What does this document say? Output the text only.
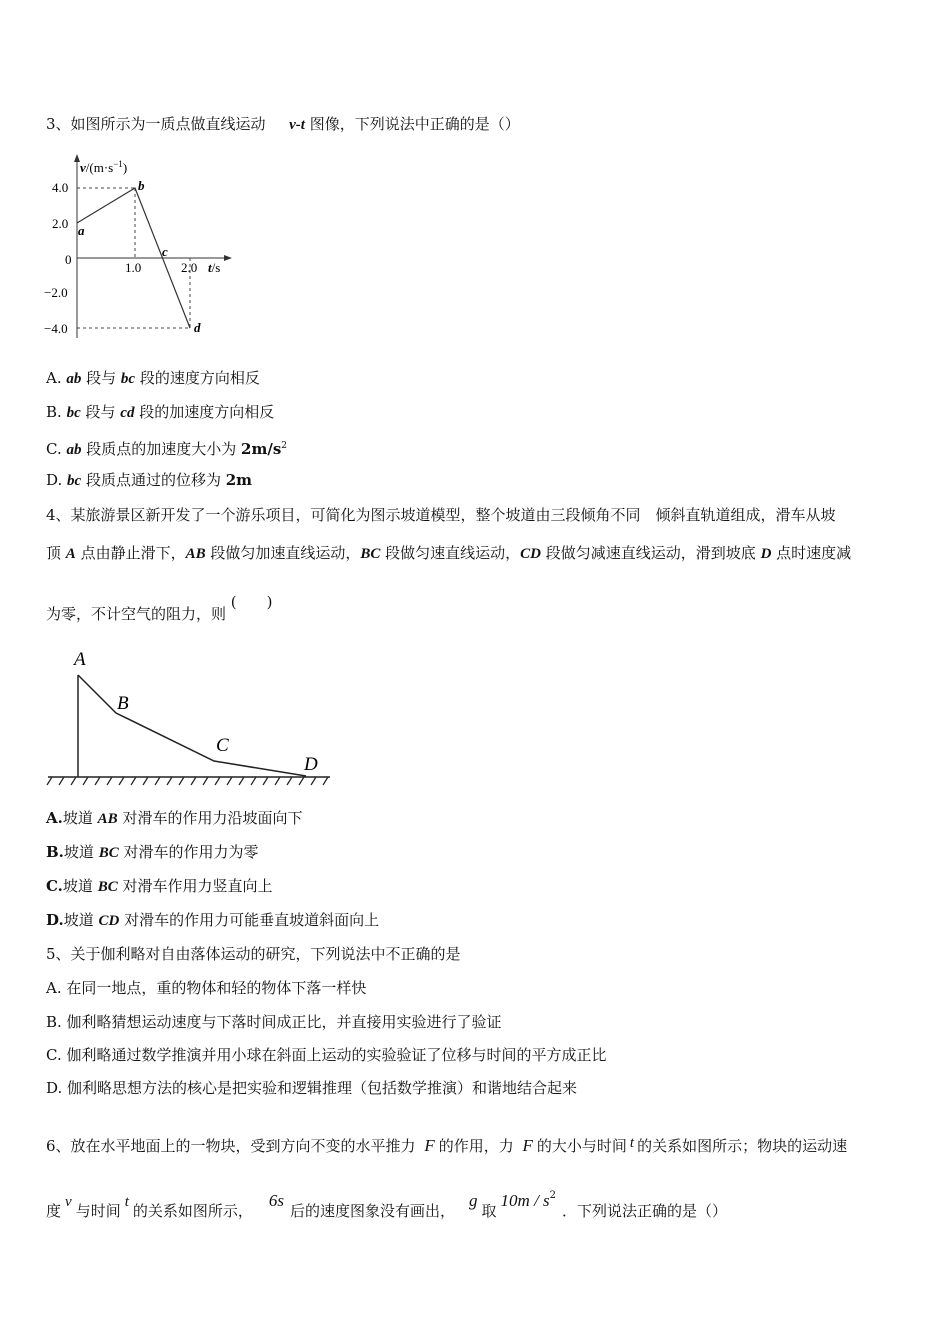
3、如图所示为一质点做直线运动 v-t 图像，下列说法中正确的是（）
$v/(m\cdot s^{-1})$
4.0
2.0
0
−2.0
−4.0
1.0	2.0 t/s
a
b
c
d
A. ab 段与 bc 段的速度方向相反
B. bc 段与 cd 段的加速度方向相反
C. ab 段质点的加速度大小为 $2m/s^2$
D. bc 段质点通过的位移为 2m
4、某旅游景区新开发了一个游乐项目，可简化为图示坡道模型，整个坡道由三段倾角不同　倾斜直轨道组成，滑车从坡
顶 A 点由静止滑下，AB 段做匀加速直线运动，BC 段做匀速直线运动，CD 段做匀减速直线运动，滑到坡底 D 点时速度减
为零，不计空气的阻力，则 (　　)
A
B
C
D
A.坡道 AB 对滑车的作用力沿坡面向下
B.坡道 BC 对滑车的作用力为零
C.坡道 BC 对滑车作用力竖直向上
D.坡道 CD 对滑车的作用力可能垂直坡道斜面向上
5、关于伽利略对自由落体运动的研究，下列说法中不正确的是
A. 在同一地点，重的物体和轻的物体下落一样快
B. 伽利略猜想运动速度与下落时间成正比，并直接用实验进行了验证
C. 伽利略通过数学推演并用小球在斜面上运动的实验验证了位移与时间的平方成正比
D. 伽利略思想方法的核心是把实验和逻辑推理（包括数学推演）和谐地结合起来
6、放在水平地面上的一物块，受到方向不变的水平推力 F 的作用，力 F 的大小与时间 t 的关系如图所示；物块的运动速
度 v 与时间 t 的关系如图所示，6s后的速度图象没有画出，g取$10m / s^2$．下列说法正确的是（）
